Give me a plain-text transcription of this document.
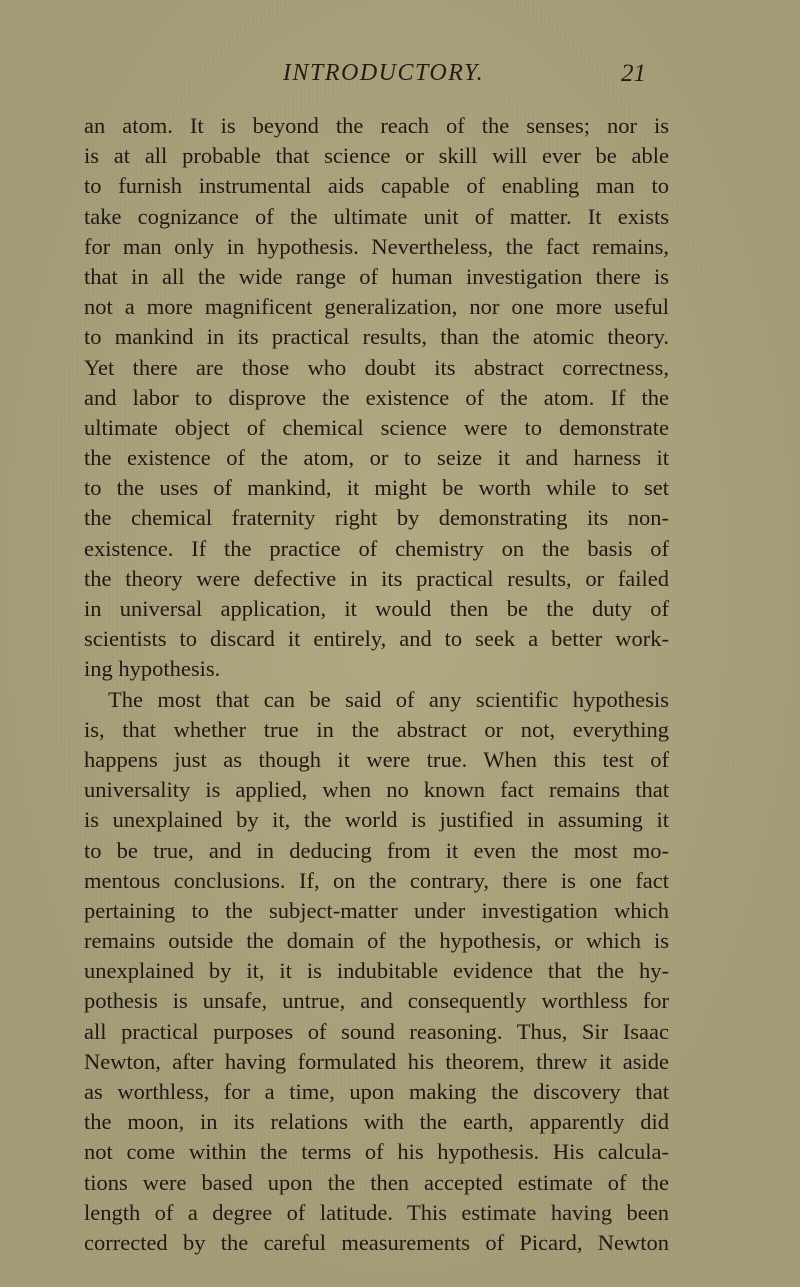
INTRODUCTORY.	21
an atom. It is beyond the reach of the senses; nor is
is at all probable that science or skill will ever be able
to furnish instrumental aids capable of enabling man to
take cognizance of the ultimate unit of matter. It exists
for man only in hypothesis. Nevertheless, the fact remains,
that in all the wide range of human investigation there is
not a more magnificent generalization, nor one more useful
to mankind in its practical results, than the atomic theory.
Yet there are those who doubt its abstract correctness,
and labor to disprove the existence of the atom. If the
ultimate object of chemical science were to demonstrate
the existence of the atom, or to seize it and harness it
to the uses of mankind, it might be worth while to set
the chemical fraternity right by demonstrating its non-
existence. If the practice of chemistry on the basis of
the theory were defective in its practical results, or failed
in universal application, it would then be the duty of
scientists to discard it entirely, and to seek a better work-
ing hypothesis.
The most that can be said of any scientific hypothesis
is, that whether true in the abstract or not, everything
happens just as though it were true. When this test of
universality is applied, when no known fact remains that
is unexplained by it, the world is justified in assuming it
to be true, and in deducing from it even the most mo-
mentous conclusions. If, on the contrary, there is one fact
pertaining to the subject-matter under investigation which
remains outside the domain of the hypothesis, or which is
unexplained by it, it is indubitable evidence that the hy-
pothesis is unsafe, untrue, and consequently worthless for
all practical purposes of sound reasoning. Thus, Sir Isaac
Newton, after having formulated his theorem, threw it aside
as worthless, for a time, upon making the discovery that
the moon, in its relations with the earth, apparently did
not come within the terms of his hypothesis. His calcula-
tions were based upon the then accepted estimate of the
length of a degree of latitude. This estimate having been
corrected by the careful measurements of Picard, Newton
